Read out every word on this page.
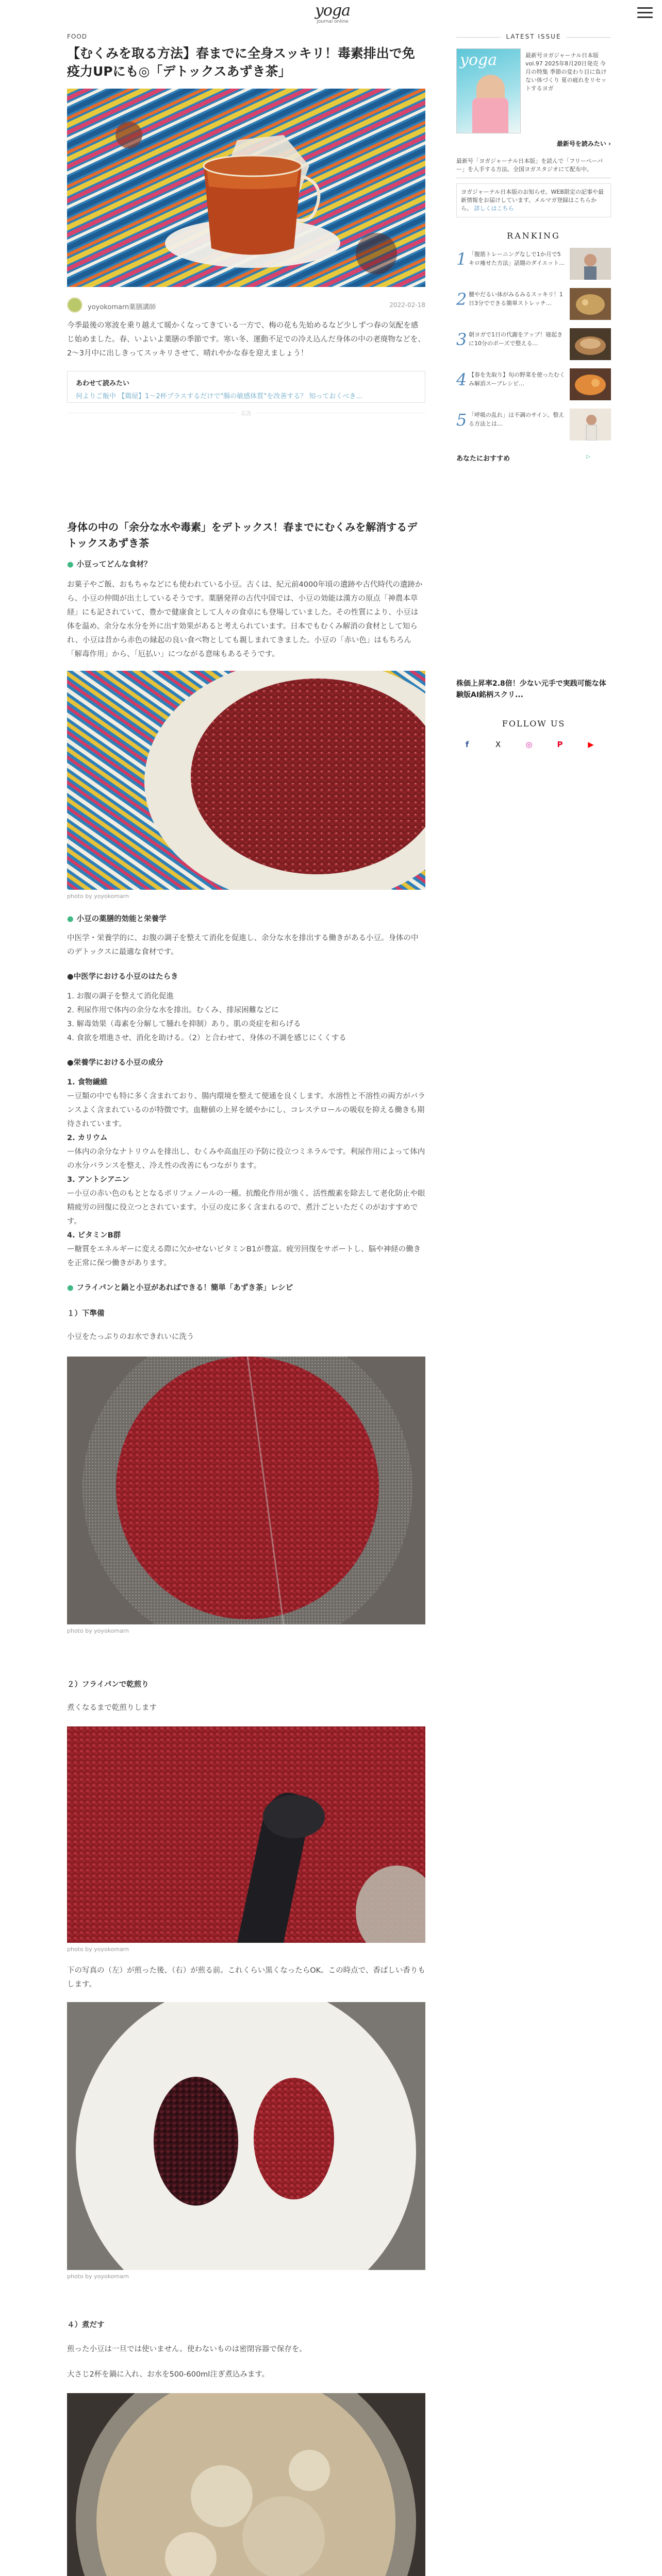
yoga
journal online
FOOD
【むくみを取る方法】春までに全身スッキリ！毒素排出で免疫力UPにも◎「デトックスあずき茶」
yoyokomarn薬膳講師	2022-02-18

今季最後の寒波を乗り越えて暖かくなってきている一方で、梅の花も先始めるなど少しずつ春の気配を感じ始めました。春、いよいよ薬膳の季節です。寒い冬、運動不足での冷え込んだ身体の中の老廃物などを、2〜3月中に出しきってスッキリさせて、晴れやかな春を迎えましょう！

あわせて読みたい
何よりご飯中 【鶏屋】1〜2杯プラスするだけで"腸の敏感体質"を改善する？ 知っておくべき...
広告
身体の中の「余分な水や毒素」をデトックス！春までにむくみを解消するデトックスあずき茶
● 小豆ってどんな食材？

お菓子やご飯、おもちゃなどにも使われている小豆。古くは、紀元前4000年頃の遺跡や古代時代の遺跡から、小豆の仲間が出土しているそうです。薬膳発祥の古代中国では、小豆の効能は漢方の原点「神農本草経」にも記されていて、豊かで健康食として人々の食卓にも登場していました。その性質により、小豆は体を温め、余分な水分を外に出す効果があると考えられています。日本でもむくみ解消の食材として知られ、小豆は昔から赤色の縁起の良い食べ物としても親しまれてきました。小豆の「赤い色」はもちろん「解毒作用」から、「厄払い」につながる意味もあるそうです。

photo by yoyokomarn
● 小豆の薬膳的効能と栄養学

中医学・栄養学的に、お腹の調子を整えて消化を促進し、余分な水を排出する働きがある小豆。身体の中のデトックスに最適な食材です。

●中医学における小豆のはたらき
1. お腹の調子を整えて消化促進
2. 利尿作用で体内の余分な水を排出。むくみ、排尿困難などに
3. 解毒効果（毒素を分解して腫れを抑制）あり。肌の炎症を和らげる
4. 食欲を増進させ、消化を助ける。（2）と合わせて、身体の不調を感じにくくする
●栄養学における小豆の成分
1. 食物繊維
ー豆類の中でも特に多く含まれており、腸内環境を整えて便通を良くします。水溶性と不溶性の両方がバランスよく含まれているのが特徴です。血糖値の上昇を緩やかにし、コレステロールの吸収を抑える働きも期待されています。
2. カリウム
ー体内の余分なナトリウムを排出し、むくみや高血圧の予防に役立つミネラルです。利尿作用によって体内の水分バランスを整え、冷え性の改善にもつながります。
3. アントシアニン
ー小豆の赤い色のもととなるポリフェノールの一種。抗酸化作用が強く、活性酸素を除去して老化防止や眼精疲労の回復に役立つとされています。小豆の皮に多く含まれるので、煮汁ごといただくのがおすすめです。
4. ビタミンB群
ー糖質をエネルギーに変える際に欠かせないビタミンB1が豊富。疲労回復をサポートし、脳や神経の働きを正常に保つ働きがあります。
● フライパンと鍋と小豆があればできる！簡単「あずき茶」レシピ
１）下準備

小豆をたっぷりのお水できれいに洗う

photo by yoyokomarn
２）フライパンで乾煎り

煮くなるまで乾煎りします

photo by yoyokomarn

下の写真の（左）が煎った後、（右）が煎る前。これくらい黒くなったらOK。この時点で、香ばしい香りもします。

photo by yoyokomarn
４）煮だす

煎った小豆は一旦では使いません。使わないものは密閉容器で保存を。

大さじ2杯を鍋に入れ、お水を500-600ml注ぎ煮込みます。

LATEST ISSUE
yoga	最新号ヨガジャーナル日本版vol.97 2025年8月20日発売 今月の特集 季節の変わり目に負けない体づくり 夏の疲れをリセットするヨガ
最新号を読みたい ›
最新号「ヨガジャーナル日本版」を読んで「フリーペーパー」を入手する方法。全国ヨガスタジオにて配布中。
ヨガジャーナル日本版のお知らせ。WEB限定の記事や最新情報をお届けしています。メルマガ登録はこちらから。 詳しくはこちら
RANKING
1 「腹筋トレーニングなしで1か月で5キロ痩せた方法」話題のダイエット…
2 腰やだるい体がみるみるスッキリ！1日3分でできる簡単ストレッチ…
3 朝ヨガで1日の代謝をアップ！寝起きに10分のポーズで整える…
4 【春を先取り】旬の野菜を使ったむくみ解消スープレシピ…
5 「呼吸の乱れ」は不調のサイン。整える方法とは…
あなたにおすすめ	▷
株価上昇率2.8倍！少ない元手で実践可能な体験版AI銘柄スクリ...
FOLLOW US
f	X	◎	P	▶
